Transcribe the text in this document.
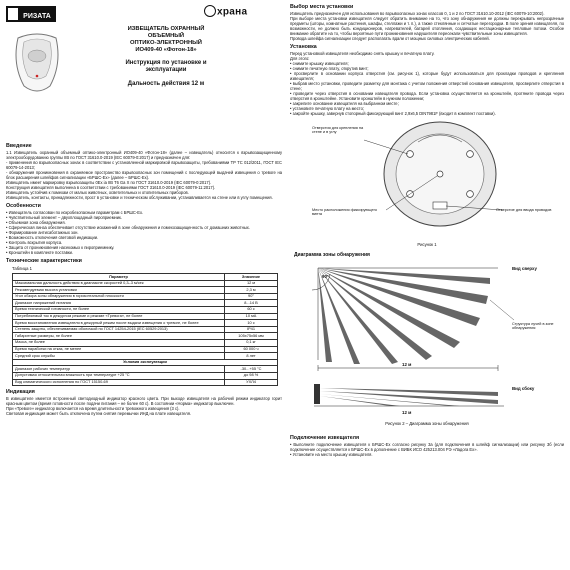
РИЗАТА	храна

ИЗВЕЩАТЕЛЬ ОХРАННЫЙ

ОБЪЕМНЫЙ

ОПТИКО-ЭЛЕКТРОННЫЙ

ИО409-40 «Фотон-18»

Инструкция по установке и

эксплуатации

Дальность действия 12 м

Введение

1.1 Извещатель охранный объемный оптико-электронный ИО409-40 «Фотон-18» (далее – извещатель) относится к взрывозащищенному электрооборудованию группы IIВ по ГОСТ 31610.0-2019 (IEC 60079-0:2017) и предназначен для:

- применения во взрывоопасных зонах в соответствии с установленной маркировкой взрывозащиты, требованиями ТР ТС 012/2011, ГОСТ IEC 60079-14-2013;

- обнаружения проникновения в охраняемое пространство взрывоопасных зон помещений с последующей выдачей извещения о тревоге на блок расширения шлейфов сигнализации «БРШС-Ех» (далее – БРШС-Ех).

Извещатель имеет маркировку взрывозащиты 0Ex ia IIB T6 Ga X по ГОСТ 31610.0-2019 (IEC 60079-0:2017).

Конструкция извещателя выполнена в соответствии с требованиями ГОСТ 31610.0-2019 (IEC 60079-11:2017).

Извещатель устойчив к помехам от малых животных, осветительных и отопительных приборов.

Извещатель, контакты, принадлежности, прост в установке и техническом обслуживании, устанавливается на стене или в углу помещения.

Особенности

• Извещатель согласован по искробезопасным параметрам с БРШС-Ех.

• Чувствительный элемент – двухплощадный пироприемник.

• Объемная зона обнаружения.

• Сферическая линза обеспечивает отсутствие искажений в зоне обнаружения и помехозащищенность от домашних животных.

• Формирование антисаботажных зон.

• Возможность отключения световой индикации.

• Контроль вскрытия корпуса.

• Защита от проникновения насекомых к пироприемнику.

• Кронштейн в комплекте поставки.

Технические характеристики

Таблица 1

Параметр	Значение
Максимальная дальность действия в диапазоне скоростей 0,3–3 м/сек	12 м
Рекомендуемая высота установки	2,3 м
Угол обзора зоны обнаружения в горизонтальной плоскости	90°
Диапазон напряжений питания	8...14 В
Время технической готовности, не более	60 с
Потребляемый ток в дежурном режиме и режиме «Тревога», не более	10 мА
Время восстановления извещателя в дежурный режим после выдачи извещения о тревоге, не более	10 с
Степень защиты, обеспечиваемая оболочкой по ГОСТ 14254-2015 (IEC 60529:2013)	IP41
Габаритные размеры, не более	105х75х56 мм
Масса, не более	0,1 кг
Время наработки на отказ, не менее	60 000 ч
Средний срок службы	8 лет
Условия эксплуатации	
Диапазон рабочих температур	-30...+55 °C
Допустимая относительная влажность при температуре +25 °C	до 98 %
Вид климатического исполнения по ГОСТ 15150-69	УХЛ4

Индикация

В извещателе имеется встроенный светодиодный индикатор красного цвета. При выходе извещателя на рабочий режим индикатор горит красным цветом (время готовности после подачи питания – не более 60 с). В состоянии «Норма» индикатор выключен.

При «Тревоге» индикатор включается на время длительности тревожного извещения (3 с).

Световая индикация может быть отключена путем снятия перемычки ИНД на плате извещателя.

Выбор места установки

Извещатель предназначен для использования во взрывоопасных зонах классов 0, 1 и 2 по ГОСТ 31610.10-2012 (IEC 60079-10:2002).

При выборе места установки извещателя следует обратить внимание на то, что зону обнаружения не должны перекрывать непрозрачные предметы (шторы, комнатные растения, шкафы, стеллажи и т. п.), а также стеклянные и сетчатые перегородки. В поле зрения извещателя, по возможности, не должно быть кондиционеров, нагревателей, батарей отопления, создающих нестационарные тепловые потоки. Особое внимание обратите на то, чтобы вероятные пути проникновения нарушителя пересекали чувствительные зоны извещателя.

Провода шлейфа сигнализации следует располагать вдали от мощных силовых электрических кабелей.

Установка

Перед установкой извещателя необходимо снять крышку и печатную плату.

Для этого:

• снимите крышку извещателя;

• снимите печатную плату, открутив винт;

• просверлите в основании корпуса отверстия (см. рисунок 1), которые будут использоваться для прокладки проводов и крепления извещателя;

• выбрав место установки, проведите разметку для монтажа с учетом положения отверстий основания извещателя, просверлите отверстия в стене;

• проведите через отверстия в основании извещателя провода. Если установка осуществляется на кронштейн, протяните провода через отверстия в кронштейне. Установите кронштейн в нужном положении;

• закрепите основание извещателя на выбранном месте;

• установите печатную плату на место;

• закройте крышку, завернув стопорный фиксирующий винт 2,9х6,5 DIN7981F (входит в комплект поставки).

Отверстия для крепления на стене и в углу
Место расположения фиксирующего винта
Отверстие для ввода проводов

Рисунок 1

Диаграмма зоны обнаружения

Вид сверху
90°
12 м
Структура лучей в зоне обнаружения
Вид сбоку
12 м

Рисунок 2 – Диаграмма зоны обнаружения

Подключение извещателя

• Выполните подключение извещателя к БРШС-Ех согласно рисунку 3а (для подключения в шлейф сигнализации) или рисунку 3б (если подключение осуществляется к БРШС-Ех в дополнение с ВИБК ИСО 425213.004 РЭ «Ладога Ех».

• Установите на место крышку извещателя.
